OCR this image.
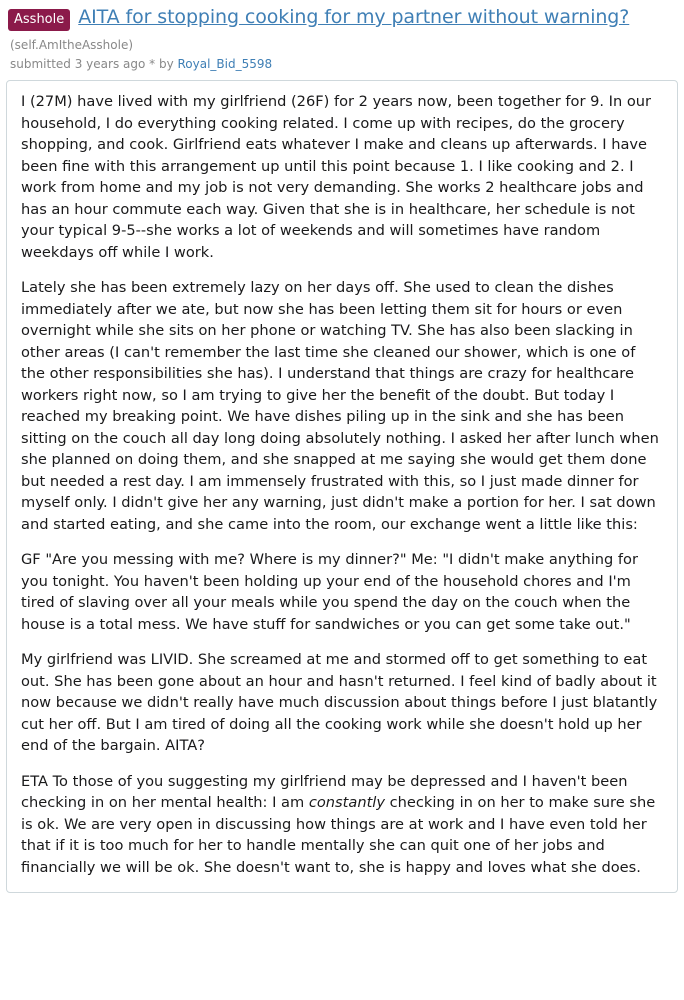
Asshole AITA for stopping cooking for my partner without warning?
(self.AmItheAsshole)
submitted 3 years ago * by Royal_Bid_5598

I (27M) have lived with my girlfriend (26F) for 2 years now, been together for 9. In our household, I do everything cooking related. I come up with recipes, do the grocery shopping, and cook. Girlfriend eats whatever I make and cleans up afterwards. I have been fine with this arrangement up until this point because 1. I like cooking and 2. I work from home and my job is not very demanding. She works 2 healthcare jobs and has an hour commute each way. Given that she is in healthcare, her schedule is not your typical 9-5--she works a lot of weekends and will sometimes have random weekdays off while I work.

Lately she has been extremely lazy on her days off. She used to clean the dishes immediately after we ate, but now she has been letting them sit for hours or even overnight while she sits on her phone or watching TV. She has also been slacking in other areas (I can't remember the last time she cleaned our shower, which is one of the other responsibilities she has). I understand that things are crazy for healthcare workers right now, so I am trying to give her the benefit of the doubt. But today I reached my breaking point. We have dishes piling up in the sink and she has been sitting on the couch all day long doing absolutely nothing. I asked her after lunch when she planned on doing them, and she snapped at me saying she would get them done but needed a rest day. I am immensely frustrated with this, so I just made dinner for myself only. I didn't give her any warning, just didn't make a portion for her. I sat down and started eating, and she came into the room, our exchange went a little like this:

GF "Are you messing with me? Where is my dinner?" Me: "I didn't make anything for you tonight. You haven't been holding up your end of the household chores and I'm tired of slaving over all your meals while you spend the day on the couch when the house is a total mess. We have stuff for sandwiches or you can get some take out."

My girlfriend was LIVID. She screamed at me and stormed off to get something to eat out. She has been gone about an hour and hasn't returned. I feel kind of badly about it now because we didn't really have much discussion about things before I just blatantly cut her off. But I am tired of doing all the cooking work while she doesn't hold up her end of the bargain. AITA?

ETA To those of you suggesting my girlfriend may be depressed and I haven't been checking in on her mental health: I am constantly checking in on her to make sure she is ok. We are very open in discussing how things are at work and I have even told her that if it is too much for her to handle mentally she can quit one of her jobs and financially we will be ok. She doesn't want to, she is happy and loves what she does.
